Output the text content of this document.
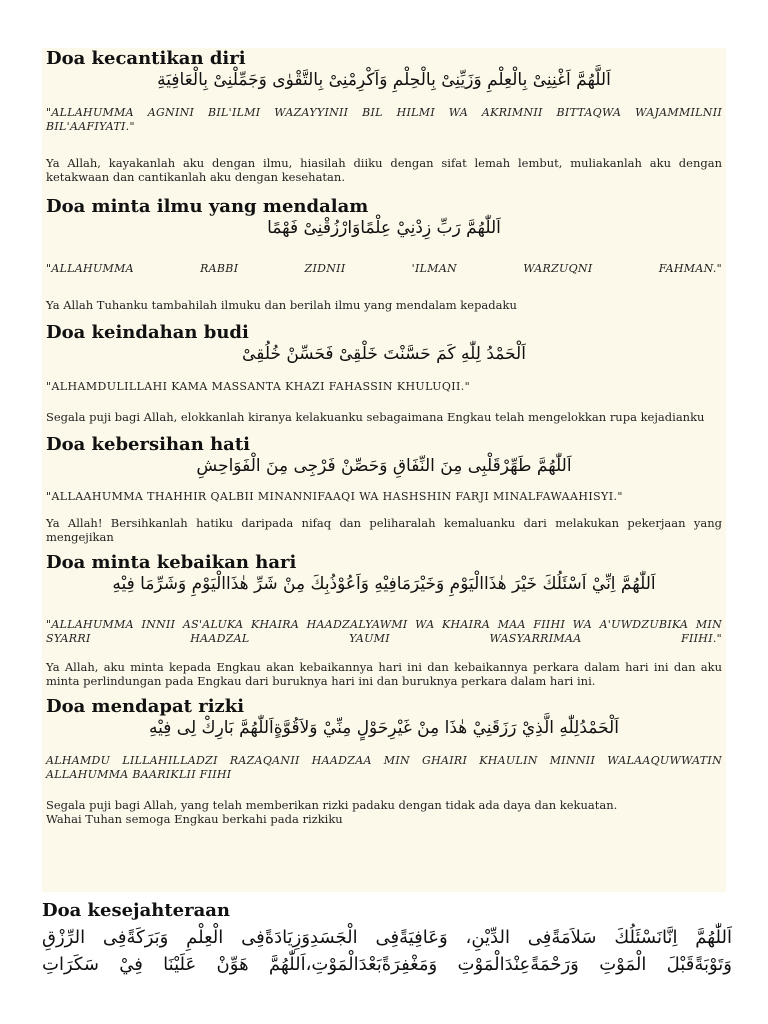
Doa kecantikan diri

اَللَّهُمَّ اَغْنِنِىْ بِالْعِلْمِ وَزَيِّنِىْ بِالْحِلْمِ وَاَكْرِمْنِىْ بِالتَّقْوٰى وَجَمِّلْنِىْ بِالْعَافِيَةِ

"ALLAHUMMA AGNINI BIL'ILMI WAZAYYINII BIL HILMI WA AKRIMNII BITTAQWA WAJAMMILNII BIL'AAFIYATI."

Ya Allah, kayakanlah aku dengan ilmu, hiasilah diiku dengan sifat lemah lembut, muliakanlah aku dengan ketakwaan dan cantikanlah aku dengan kesehatan.

Doa minta ilmu yang mendalam

اَللّٰهُمَّ رَبِّ زِدْنِيْ عِلْمًاوَارْزُقْنِىْ فَهْمًا

"ALLAHUMMA RABBI ZIDNII 'ILMAN WARZUQNI FAHMAN."

Ya Allah Tuhanku tambahilah ilmuku dan berilah ilmu yang mendalam kepadaku

Doa keindahan budi

اَلْحَمْدُ لِلّٰهِ كَمَ حَسَّنْتَ خَلْقِىْ فَحَسِّنْ خُلُقِىْ

"ALHAMDULILLAHI KAMA MASSANTA KHAZI FAHASSIN KHULUQII."

Segala puji bagi Allah, elokkanlah kiranya kelakuanku sebagaimana Engkau telah mengelokkan rupa kejadianku

Doa kebersihan hati

اَللّٰهُمَّ طَهِّرْقَلْبِى مِنَ النِّفَاقِ وَحَصِّنْ فَرْجِى مِنَ الْفَوَاحِشِ

"ALLAAHUMMA THAHHIR QALBII MINANNIFAAQI WA HASHSHIN FARJI MINALFAWAAHISYI."

Ya Allah! Bersihkanlah hatiku daripada nifaq dan peliharalah kemaluanku dari melakukan pekerjaan yang mengejikan

Doa minta kebaikan hari

اَللّٰهُمَّ اِنِّيْ اَسْئَلُكَ خَيْرَ هٰذَاالْيَوْمِ وَخَيْرَمَافِيْهِ وَاَعُوْذُبِكَ مِنْ شَرِّ هٰذَاالْيَوْمِ وَشَرِّمَا فِيْهِ

"ALLAHUMMA INNII AS'ALUKA KHAIRA HAADZALYAWMI WA KHAIRA MAA FIIHI WA A'UWDZUBIKA MIN SYARRI HAADZAL YAUMI WASYARRIMAA FIIHI."

Ya Allah, aku minta kepada Engkau akan kebaikannya hari ini dan kebaikannya perkara dalam hari ini dan aku minta perlindungan pada Engkau dari buruknya hari ini dan buruknya perkara dalam hari ini.

Doa mendapat rizki

اَلْحَمْدُلِلّٰهِ الَّذِيْ رَزَقَنِيْ هٰذَا مِنْ غَيْرِحَوْلٍ مِنِّيْ وَلاَقُوَّةٍاَللّٰهُمَّ بَارِكْ لِى فِيْهِ

ALHAMDU LILLAHILLADZI RAZAQANII HAADZAA MIN GHAIRI KHAULIN MINNII WALAAQUWWATIN ALLAHUMMA BAARIKLII FIIHI

Segala puji bagi Allah, yang telah memberikan rizki padaku dengan tidak ada daya dan kekuatan.

Wahai Tuhan semoga Engkau berkahi pada rizkiku

Doa kesejahteraan

اَللّٰهُمَّ اِنَّانَسْئَلُكَ سَلاَمَةًفِى الدِّيْنِ، وَعَافِيَةًفِى الْجَسَدِوَزِيَادَةًفِى الْعِلْمِ وَبَرَكَةًفِى الرِّزْقِ

وَتَوْبَةًقَبْلَ الْمَوْتِ وَرَحْمَةًعِنْدَالْمَوْتِ وَمَغْفِرَةًبَعْدَالْمَوْتِ،اَللّٰهُمَّ هَوِّنْ عَلَيْنَا فِيْ سَكَرَاتِ
